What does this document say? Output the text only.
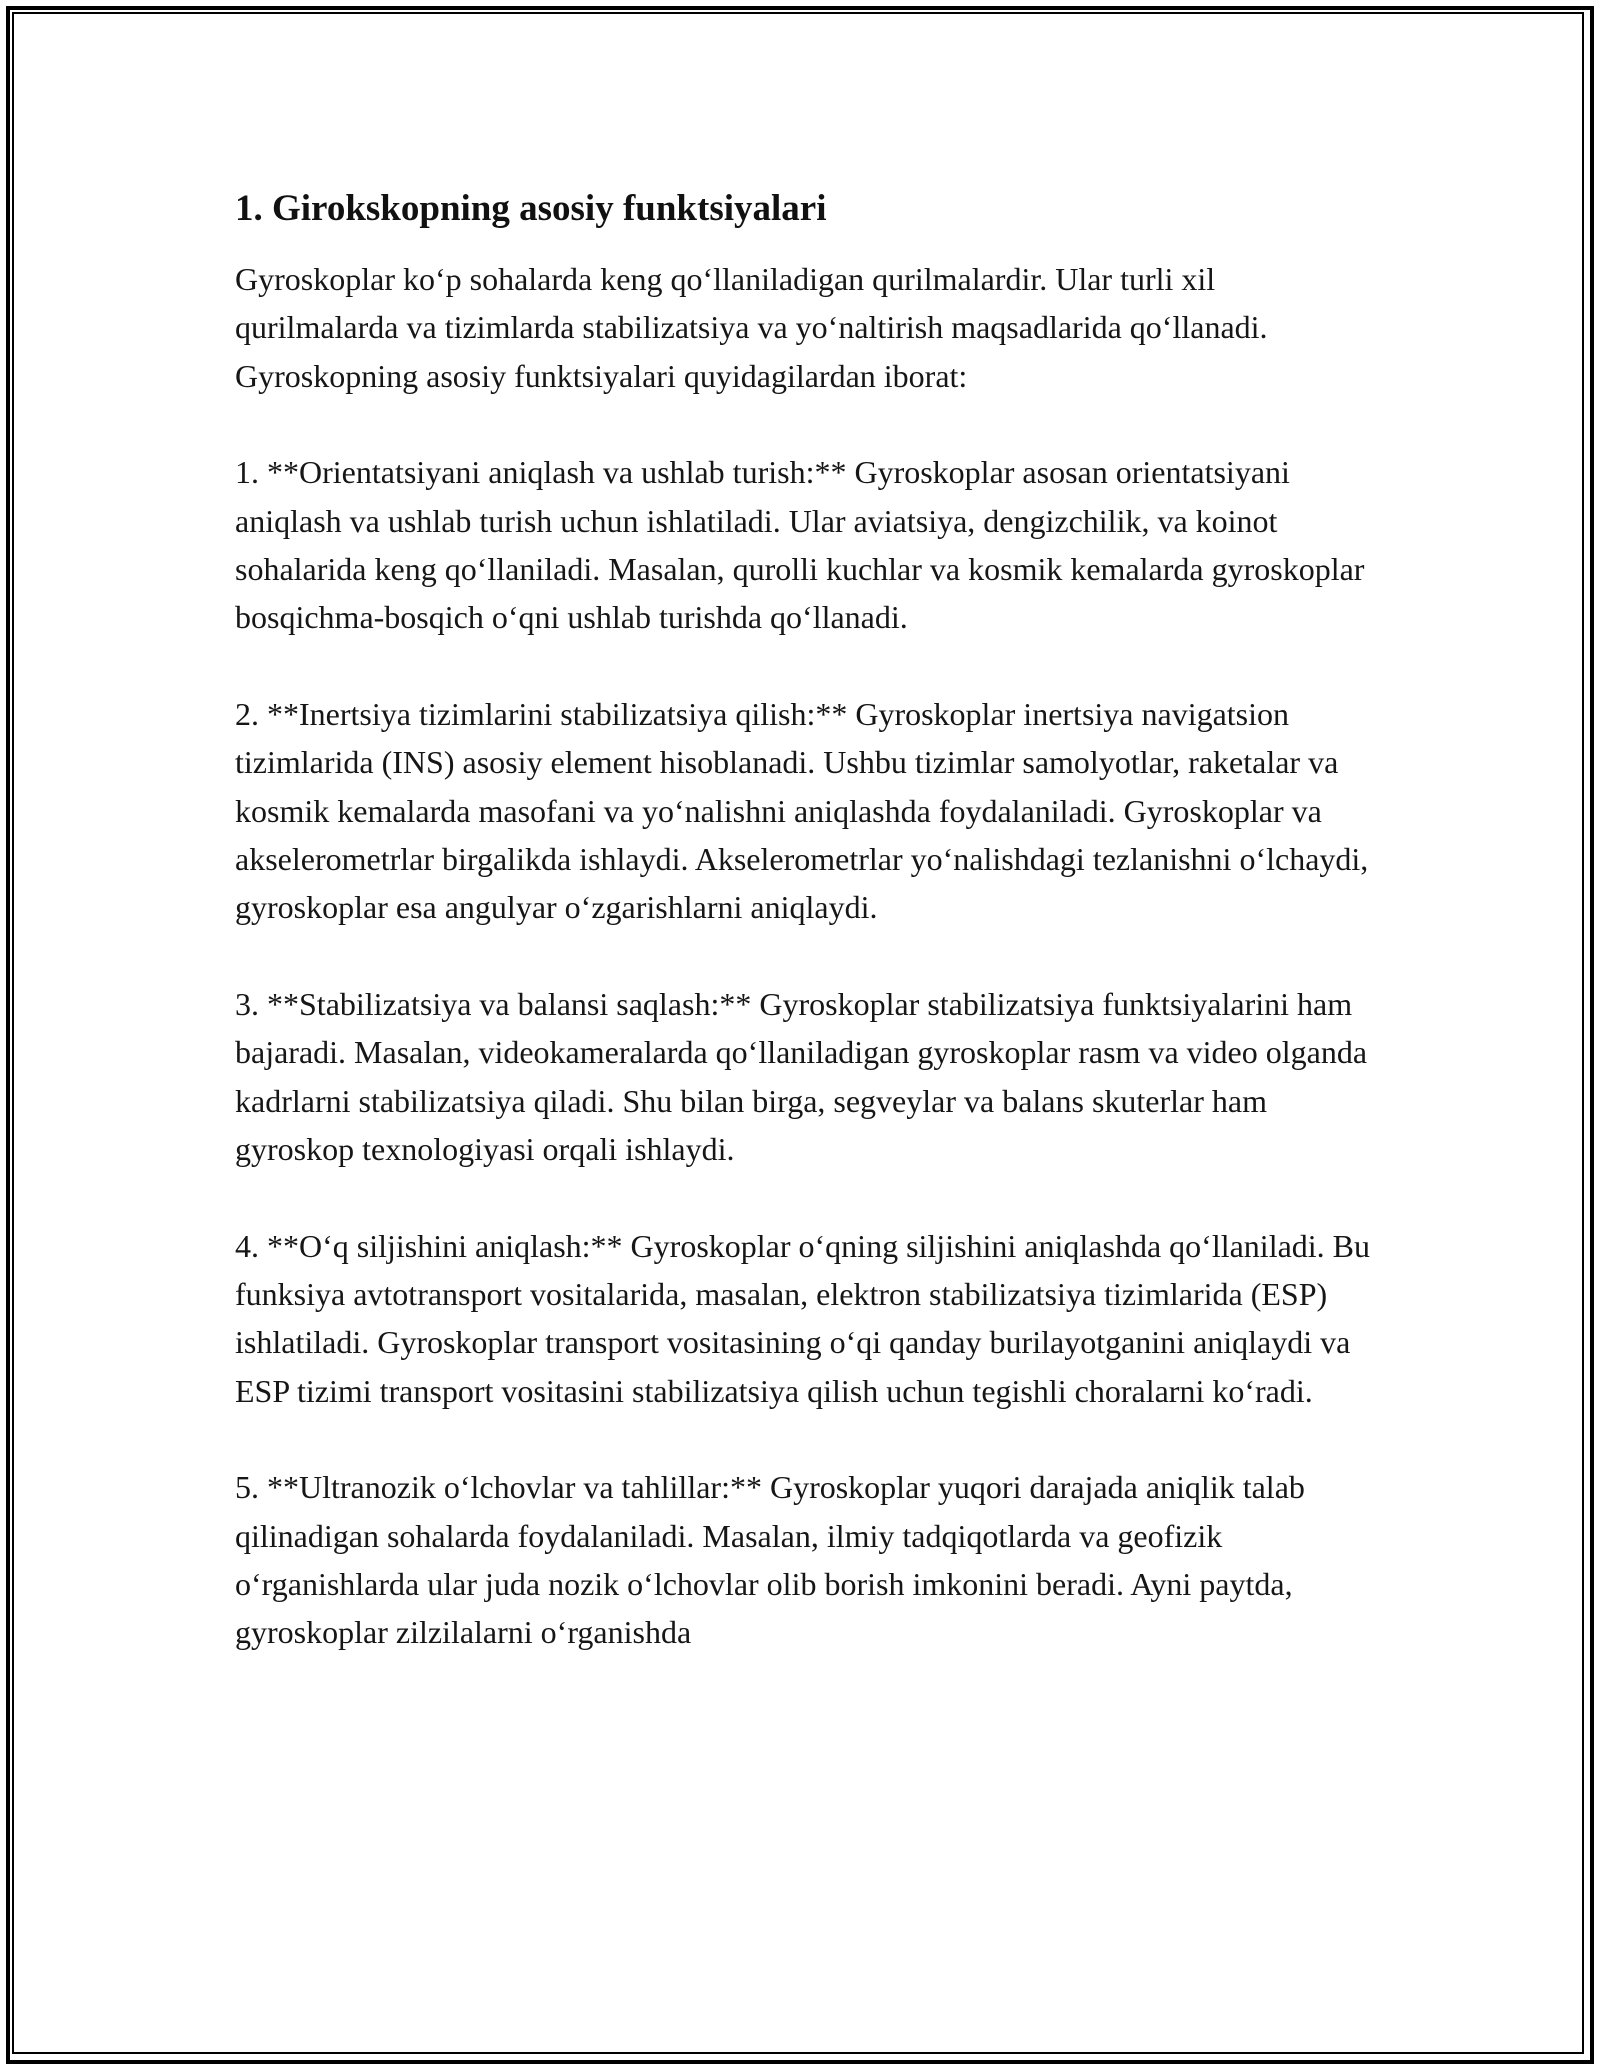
1. Girokskopning asosiy funktsiyalari

Gyroskoplar ko‘p sohalarda keng qo‘llaniladigan qurilmalardir. Ular turli xil qurilmalarda va tizimlarda stabilizatsiya va yo‘naltirish maqsadlarida qo‘llanadi. Gyroskopning asosiy funktsiyalari quyidagilardan iborat:

1. **Orientatsiyani aniqlash va ushlab turish:** Gyroskoplar asosan orientatsiyani aniqlash va ushlab turish uchun ishlatiladi. Ular aviatsiya, dengizchilik, va koinot sohalarida keng qo‘llaniladi. Masalan, qurolli kuchlar va kosmik kemalarda gyroskoplar bosqichma-bosqich o‘qni ushlab turishda qo‘llanadi.

2. **Inertsiya tizimlarini stabilizatsiya qilish:** Gyroskoplar inertsiya navigatsion tizimlarida (INS) asosiy element hisoblanadi. Ushbu tizimlar samolyotlar, raketalar va kosmik kemalarda masofani va yo‘nalishni aniqlashda foydalaniladi. Gyroskoplar va akselerometrlar birgalikda ishlaydi. Akselerometrlar yo‘nalishdagi tezlanishni o‘lchaydi, gyroskoplar esa angulyar o‘zgarishlarni aniqlaydi.

3. **Stabilizatsiya va balansi saqlash:** Gyroskoplar stabilizatsiya funktsiyalarini ham bajaradi. Masalan, videokameralarda qo‘llaniladigan gyroskoplar rasm va video olganda kadrlarni stabilizatsiya qiladi. Shu bilan birga, segveylar va balans skuterlar ham gyroskop texnologiyasi orqali ishlaydi.

4. **O‘q siljishini aniqlash:** Gyroskoplar o‘qning siljishini aniqlashda qo‘llaniladi. Bu funksiya avtotransport vositalarida, masalan, elektron stabilizatsiya tizimlarida (ESP) ishlatiladi. Gyroskoplar transport vositasining o‘qi qanday burilayotganini aniqlaydi va ESP tizimi transport vositasini stabilizatsiya qilish uchun tegishli choralarni ko‘radi.

5. **Ultranozik o‘lchovlar va tahlillar:** Gyroskoplar yuqori darajada aniqlik talab qilinadigan sohalarda foydalaniladi. Masalan, ilmiy tadqiqotlarda va geofizik o‘rganishlarda ular juda nozik o‘lchovlar olib borish imkonini beradi. Ayni paytda, gyroskoplar zilzilalarni o‘rganishda
